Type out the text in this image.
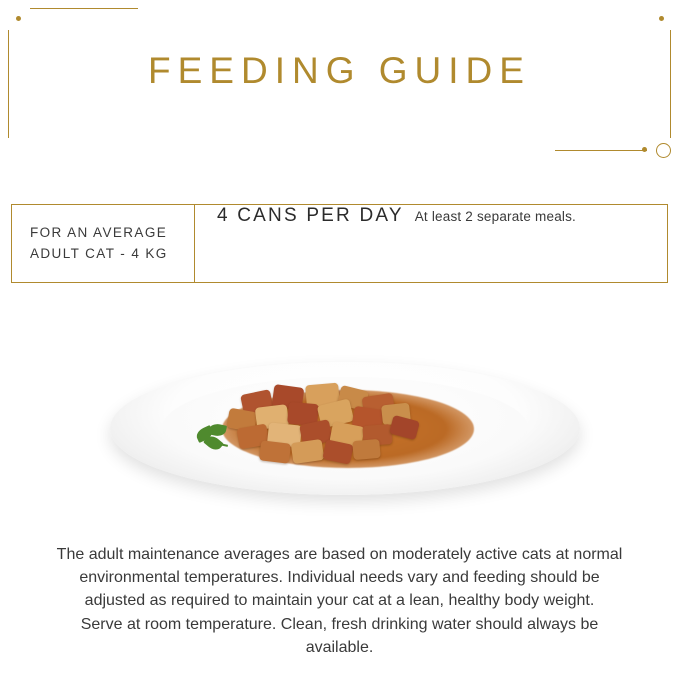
FEEDING GUIDE
FOR AN AVERAGE
ADULT CAT - 4 KG
4 CANS PER DAY At least 2 separate meals.

The adult maintenance averages are based on moderately active cats at normal environmental temperatures. Individual needs vary and feeding should be adjusted as required to maintain your cat at a lean, healthy body weight.

Serve at room temperature. Clean, fresh drinking water should always be available.
